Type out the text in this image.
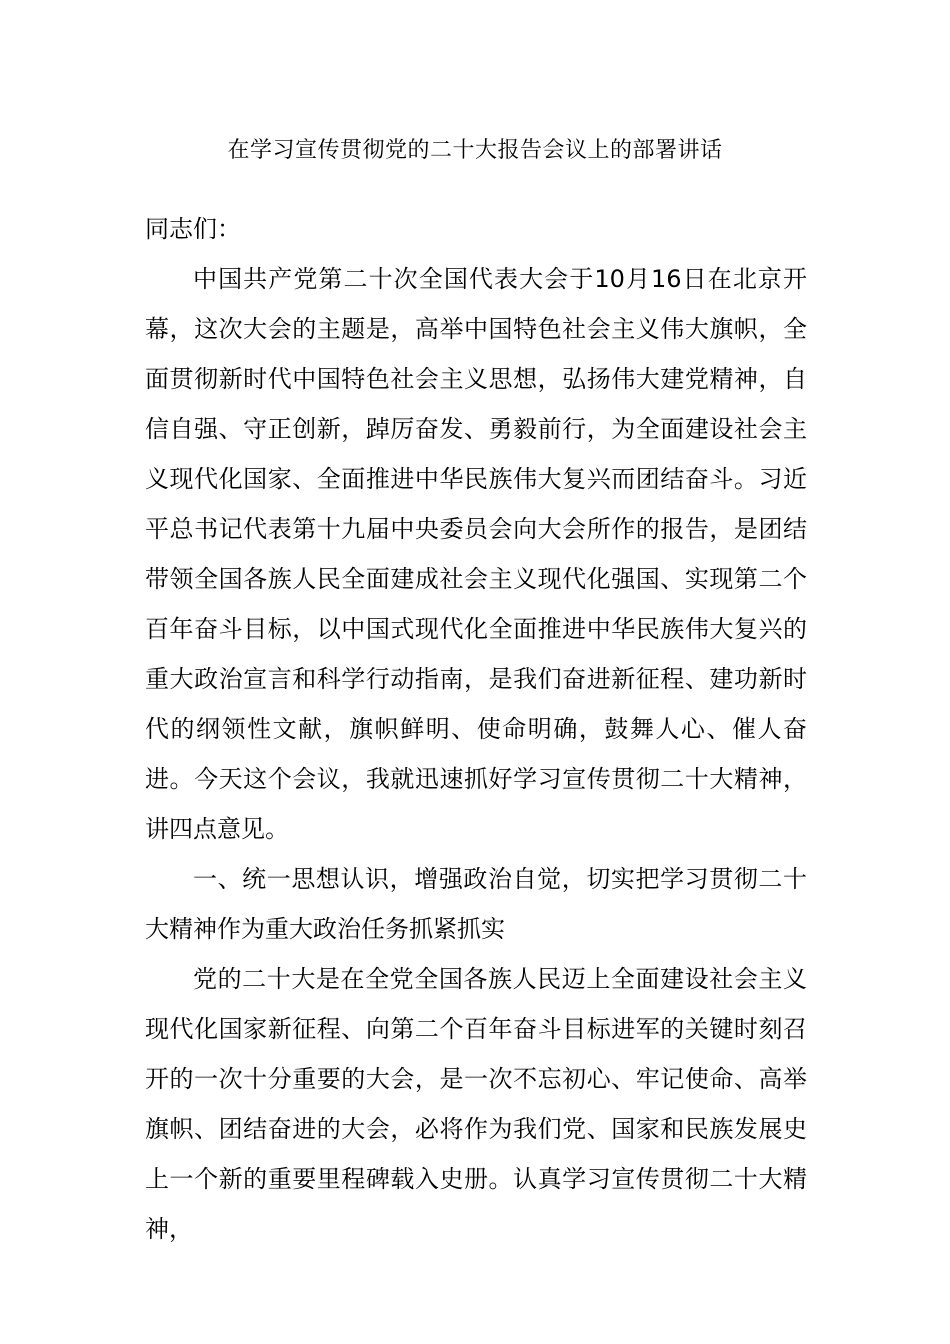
在学习宣传贯彻党的二十大报告会议上的部署讲话

同志们：

中国共产党第二十次全国代表大会于10月16日在北京开幕，这次大会的主题是，高举中国特色社会主义伟大旗帜，全面贯彻新时代中国特色社会主义思想，弘扬伟大建党精神，自信自强、守正创新，踔厉奋发、勇毅前行，为全面建设社会主义现代化国家、全面推进中华民族伟大复兴而团结奋斗。习近平总书记代表第十九届中央委员会向大会所作的报告，是团结带领全国各族人民全面建成社会主义现代化强国、实现第二个百年奋斗目标，以中国式现代化全面推进中华民族伟大复兴的重大政治宣言和科学行动指南，是我们奋进新征程、建功新时代的纲领性文献，旗帜鲜明、使命明确，鼓舞人心、催人奋进。今天这个会议，我就迅速抓好学习宣传贯彻二十大精神，讲四点意见。

一、统一思想认识，增强政治自觉，切实把学习贯彻二十大精神作为重大政治任务抓紧抓实

党的二十大是在全党全国各族人民迈上全面建设社会主义现代化国家新征程、向第二个百年奋斗目标进军的关键时刻召开的一次十分重要的大会，是一次不忘初心、牢记使命、高举旗帜、团结奋进的大会，必将作为我们党、国家和民族发展史上一个新的重要里程碑载入史册。认真学习宣传贯彻二十大精神，
